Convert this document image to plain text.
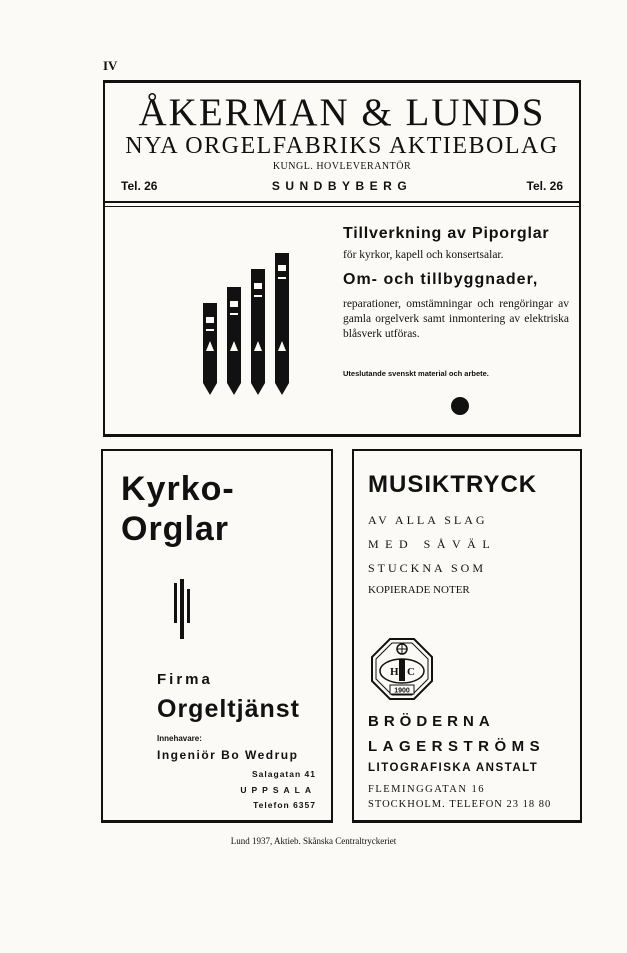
IV
ÅKERMAN & LUNDS
NYA ORGELFABRIKS AKTIEBOLAG
KUNGL. HOVLEVERANTÖR
Tel. 26	SUNDBYBERG	Tel. 26
Tillverkning av Piporglar
för kyrkor, kapell och konsertsalar.
Om- och tillbyggnader,
reparationer, omstämningar och rengöringar av gamla orgelverk samt inmontering av elektriska blåsverk utföras.
Uteslutande svenskt material och arbete.
Kyrko-
Orglar
Firma
Orgeltjänst
Innehavare:
Ingeniör Bo Wedrup
Salagatan 41
UPPSALA
Telefon 6357
MUSIKTRYCK
AV ALLA SLAG
MED SÅVÄL
STUCKNA SOM
KOPIERADE NOTER
H C
1900
BRÖDERNA
LAGERSTRÖMS
LITOGRAFISKA ANSTALT
FLEMINGGATAN 16
STOCKHOLM. TELEFON 23 18 80
Lund 1937, Aktieb. Skånska Centraltryckeriet
